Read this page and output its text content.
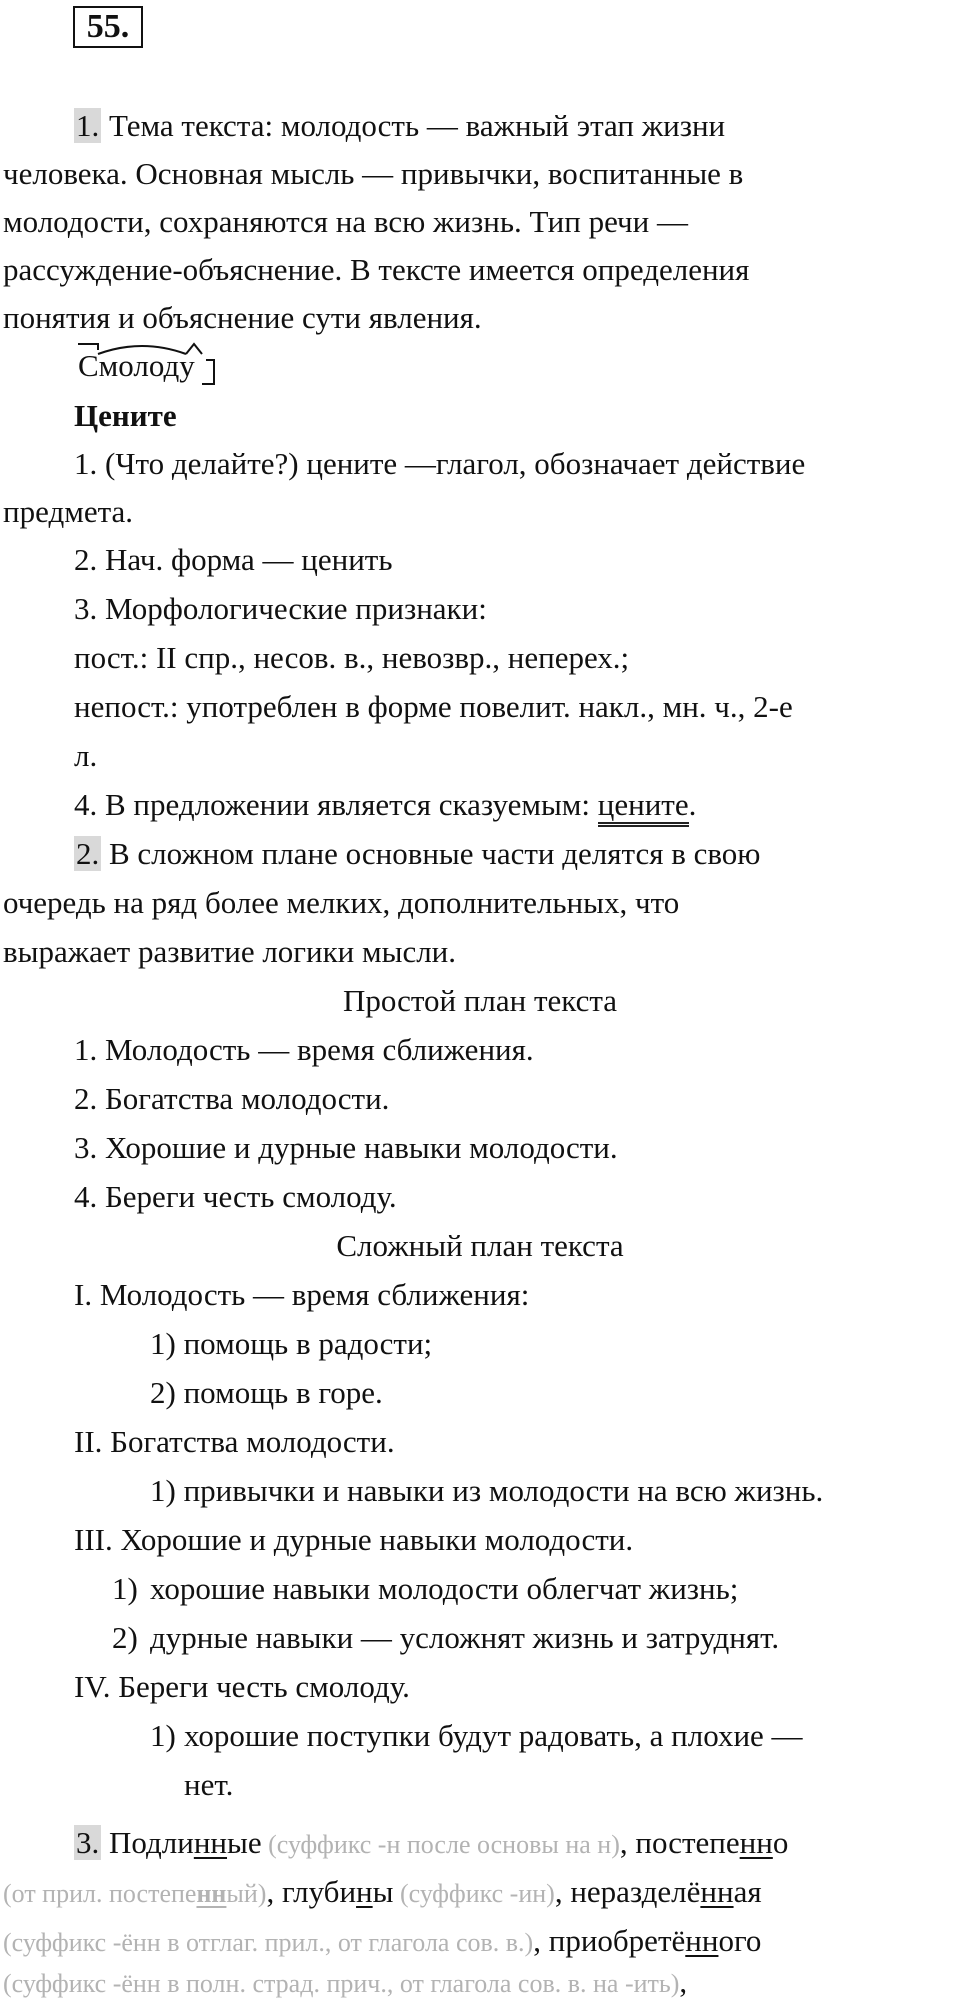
55.
1. Тема текста: молодость — важный этап жизни
человека. Основная мысль — привычки, воспитанные в
молодости, сохраняются на всю жизнь. Тип речи —
рассуждение-объяснение. В тексте имеется определения
понятия и объяснение сути явления.
Смолоду
Цените
1. (Что делайте?) цените —глагол, обозначает действие
предмета.
2. Нач. форма — ценить
3. Морфологические признаки:
пост.: II спр., несов. в., невозвр., неперех.;
непост.: употреблен в форме повелит. накл., мн. ч., 2-е
л.
4. В предложении является сказуемым: цените.
2. В сложном плане основные части делятся в свою
очередь на ряд более мелких, дополнительных, что
выражает развитие логики мысли.
Простой план текста
1. Молодость — время сближения.
2. Богатства молодости.
3. Хорошие и дурные навыки молодости.
4. Береги честь смолоду.
Сложный план текста
I. Молодость — время сближения:
1) помощь в радости;
2) помощь в горе.
II. Богатства молодости.
1) привычки и навыки из молодости на всю жизнь.
III. Хорошие и дурные навыки молодости.
1) хорошие навыки молодости облегчат жизнь;
2) дурные навыки — усложнят жизнь и затруднят.
IV. Береги честь смолоду.
1) хорошие поступки будут радовать, а плохие —
нет.
3. Подлинные (суффикс -н после основы на н), постепенно
(от прил. постепенный), глубины (суффикс -ин), неразделённая
(суффикс -ённ в отглаг. прил., от глагола сов. в.), приобретённого
(суффикс -ённ в полн. страд. прич., от глагола сов. в. на -ить),
